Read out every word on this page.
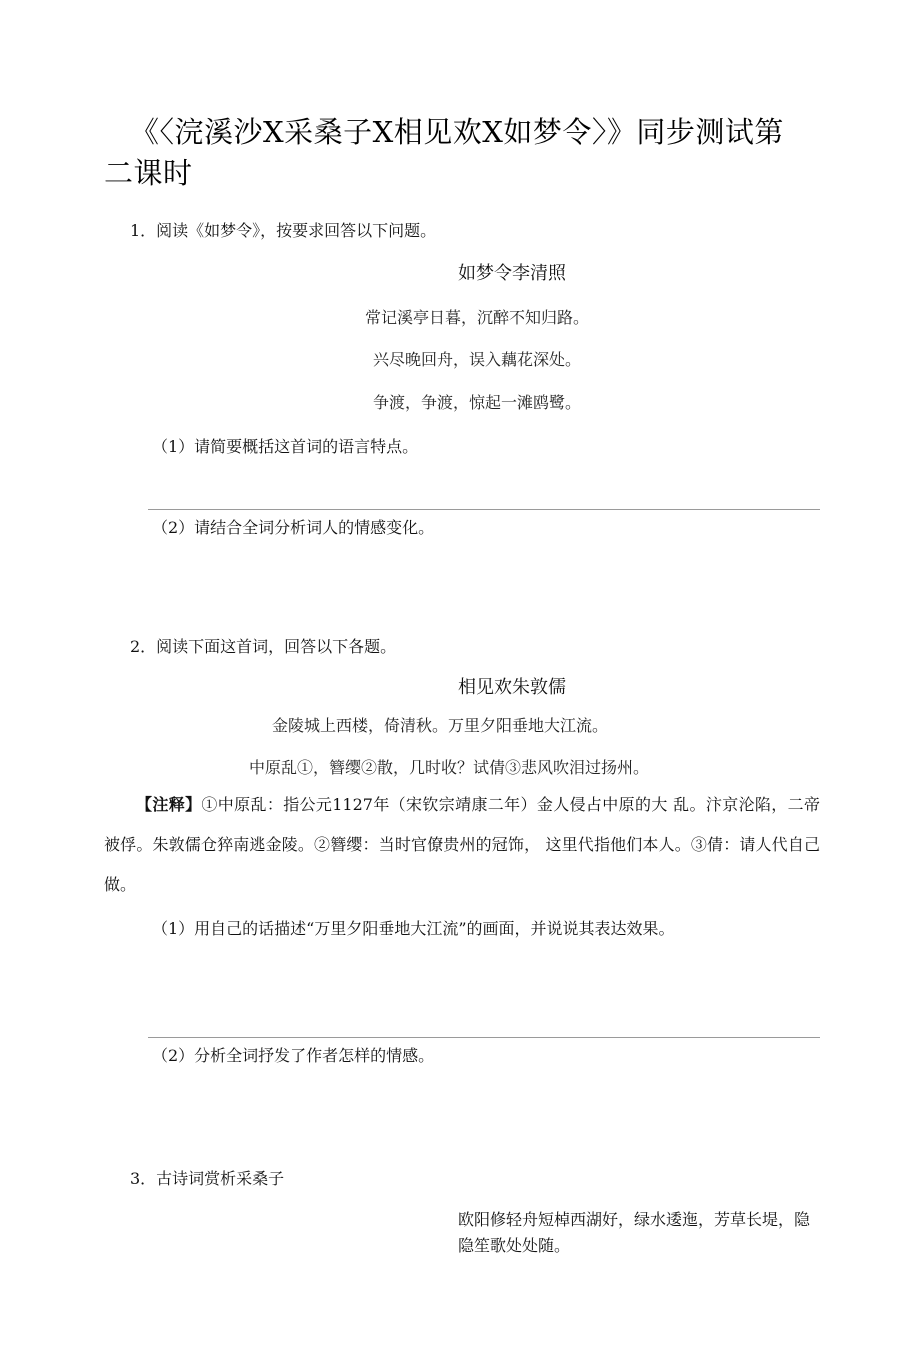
《〈浣溪沙X采桑子X相见欢X如梦令〉》同步测试第
二课时
1．阅读《如梦令》，按要求回答以下问题。
如梦令李清照
常记溪亭日暮，沉醉不知归路。
兴尽晚回舟，误入藕花深处。
争渡，争渡，惊起一滩鸥鹭。
（1）请简要概括这首词的语言特点。
（2）请结合全词分析词人的情感变化。
2．阅读下面这首词，回答以下各题。
相见欢朱敦儒
金陵城上西楼，倚清秋。万里夕阳垂地大江流。
中原乱①，簪缨②散，几时收？试倩③悲风吹泪过扬州。
【注释】①中原乱：指公元1127年（宋钦宗靖康二年）金人侵占中原的大 乱。汴京沦陷，二帝被俘。朱敦儒仓猝南逃金陵。②簪缨：当时官僚贵州的冠饰， 这里代指他们本人。③倩：请人代自己做。
（1）用自己的话描述“万里夕阳垂地大江流”的画面，并说说其表达效果。
（2）分析全词抒发了作者怎样的情感。
3．古诗词赏析采桑子
欧阳修轻舟短棹西湖好，绿水逶迤，芳草长堤，隐隐笙歌处处随。
